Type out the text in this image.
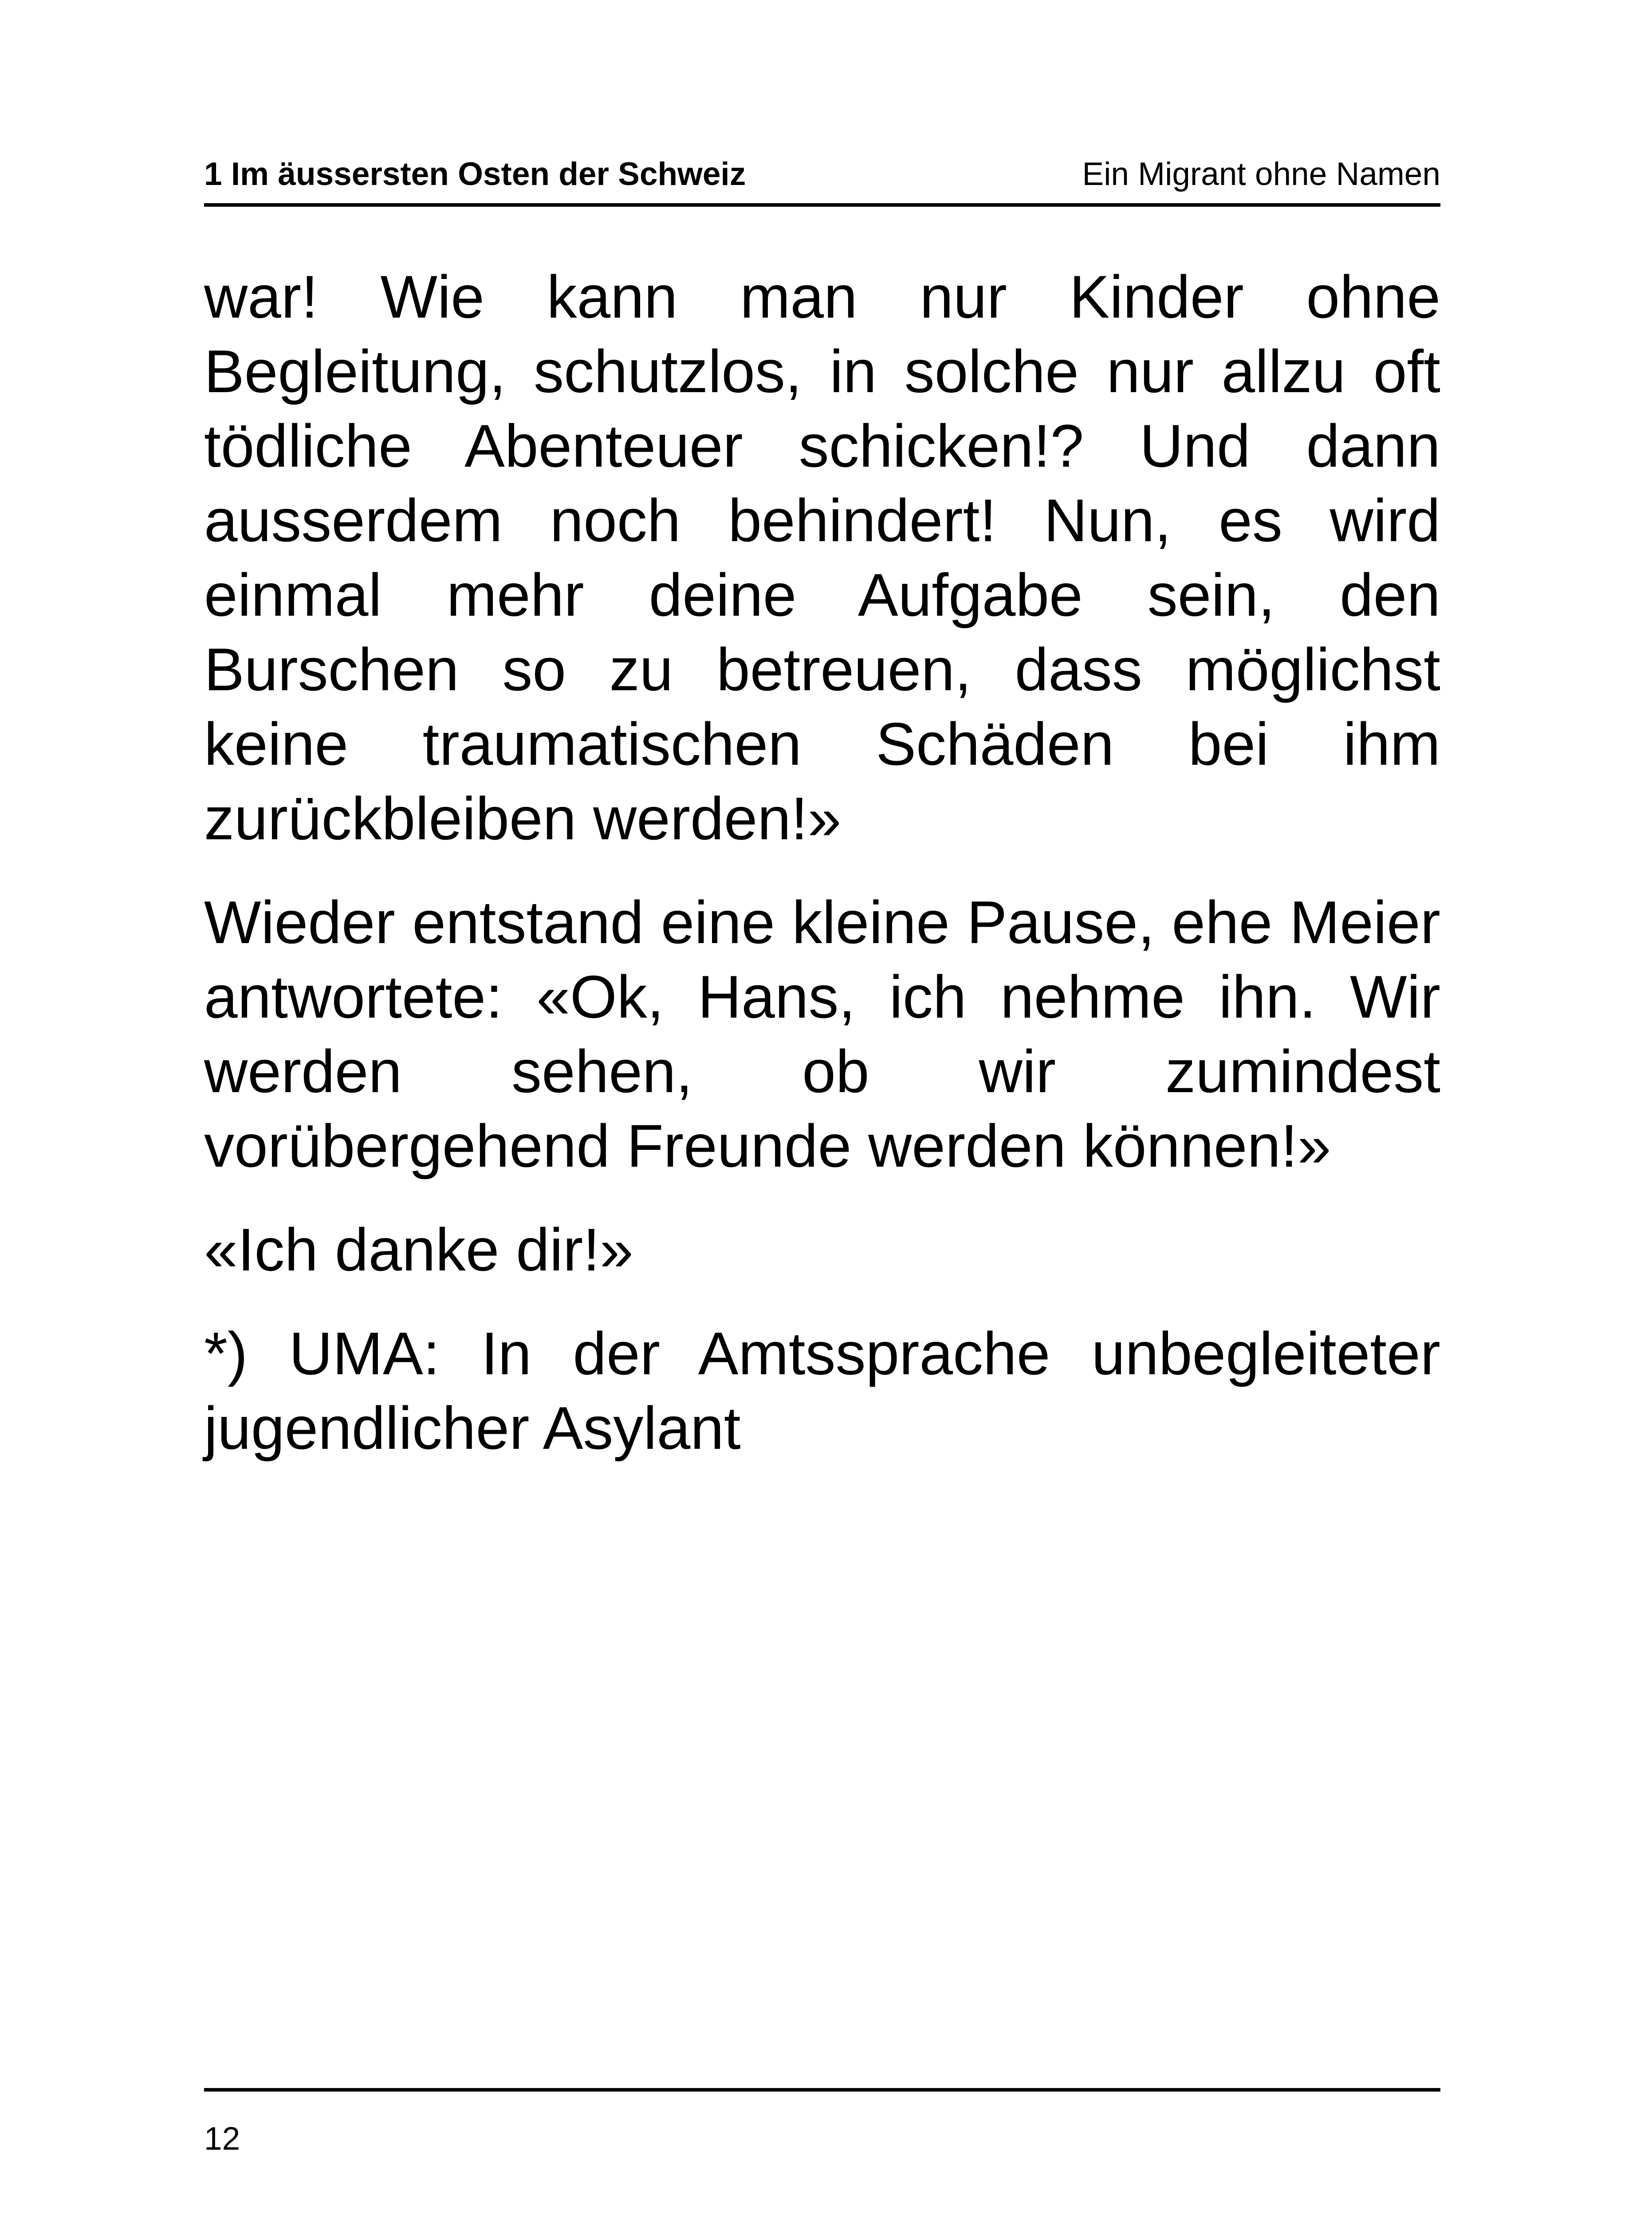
1 Im äussersten Osten der Schweiz	Ein Migrant ohne Namen

war! Wie kann man nur Kinder ohne Begleitung, schutzlos, in solche nur allzu oft tödliche Abenteuer schicken!? Und dann ausserdem noch behindert! Nun, es wird einmal mehr deine Aufgabe sein, den Burschen so zu betreuen, dass möglichst keine traumatischen Schäden bei ihm zurückbleiben werden!»

Wieder entstand eine kleine Pause, ehe Meier antwortete: «Ok, Hans, ich nehme ihn. Wir werden sehen, ob wir zumindest vorübergehend Freunde werden können!»

«Ich danke dir!»

*) UMA: In der Amtssprache unbegleiteter jugendlicher Asylant

12
